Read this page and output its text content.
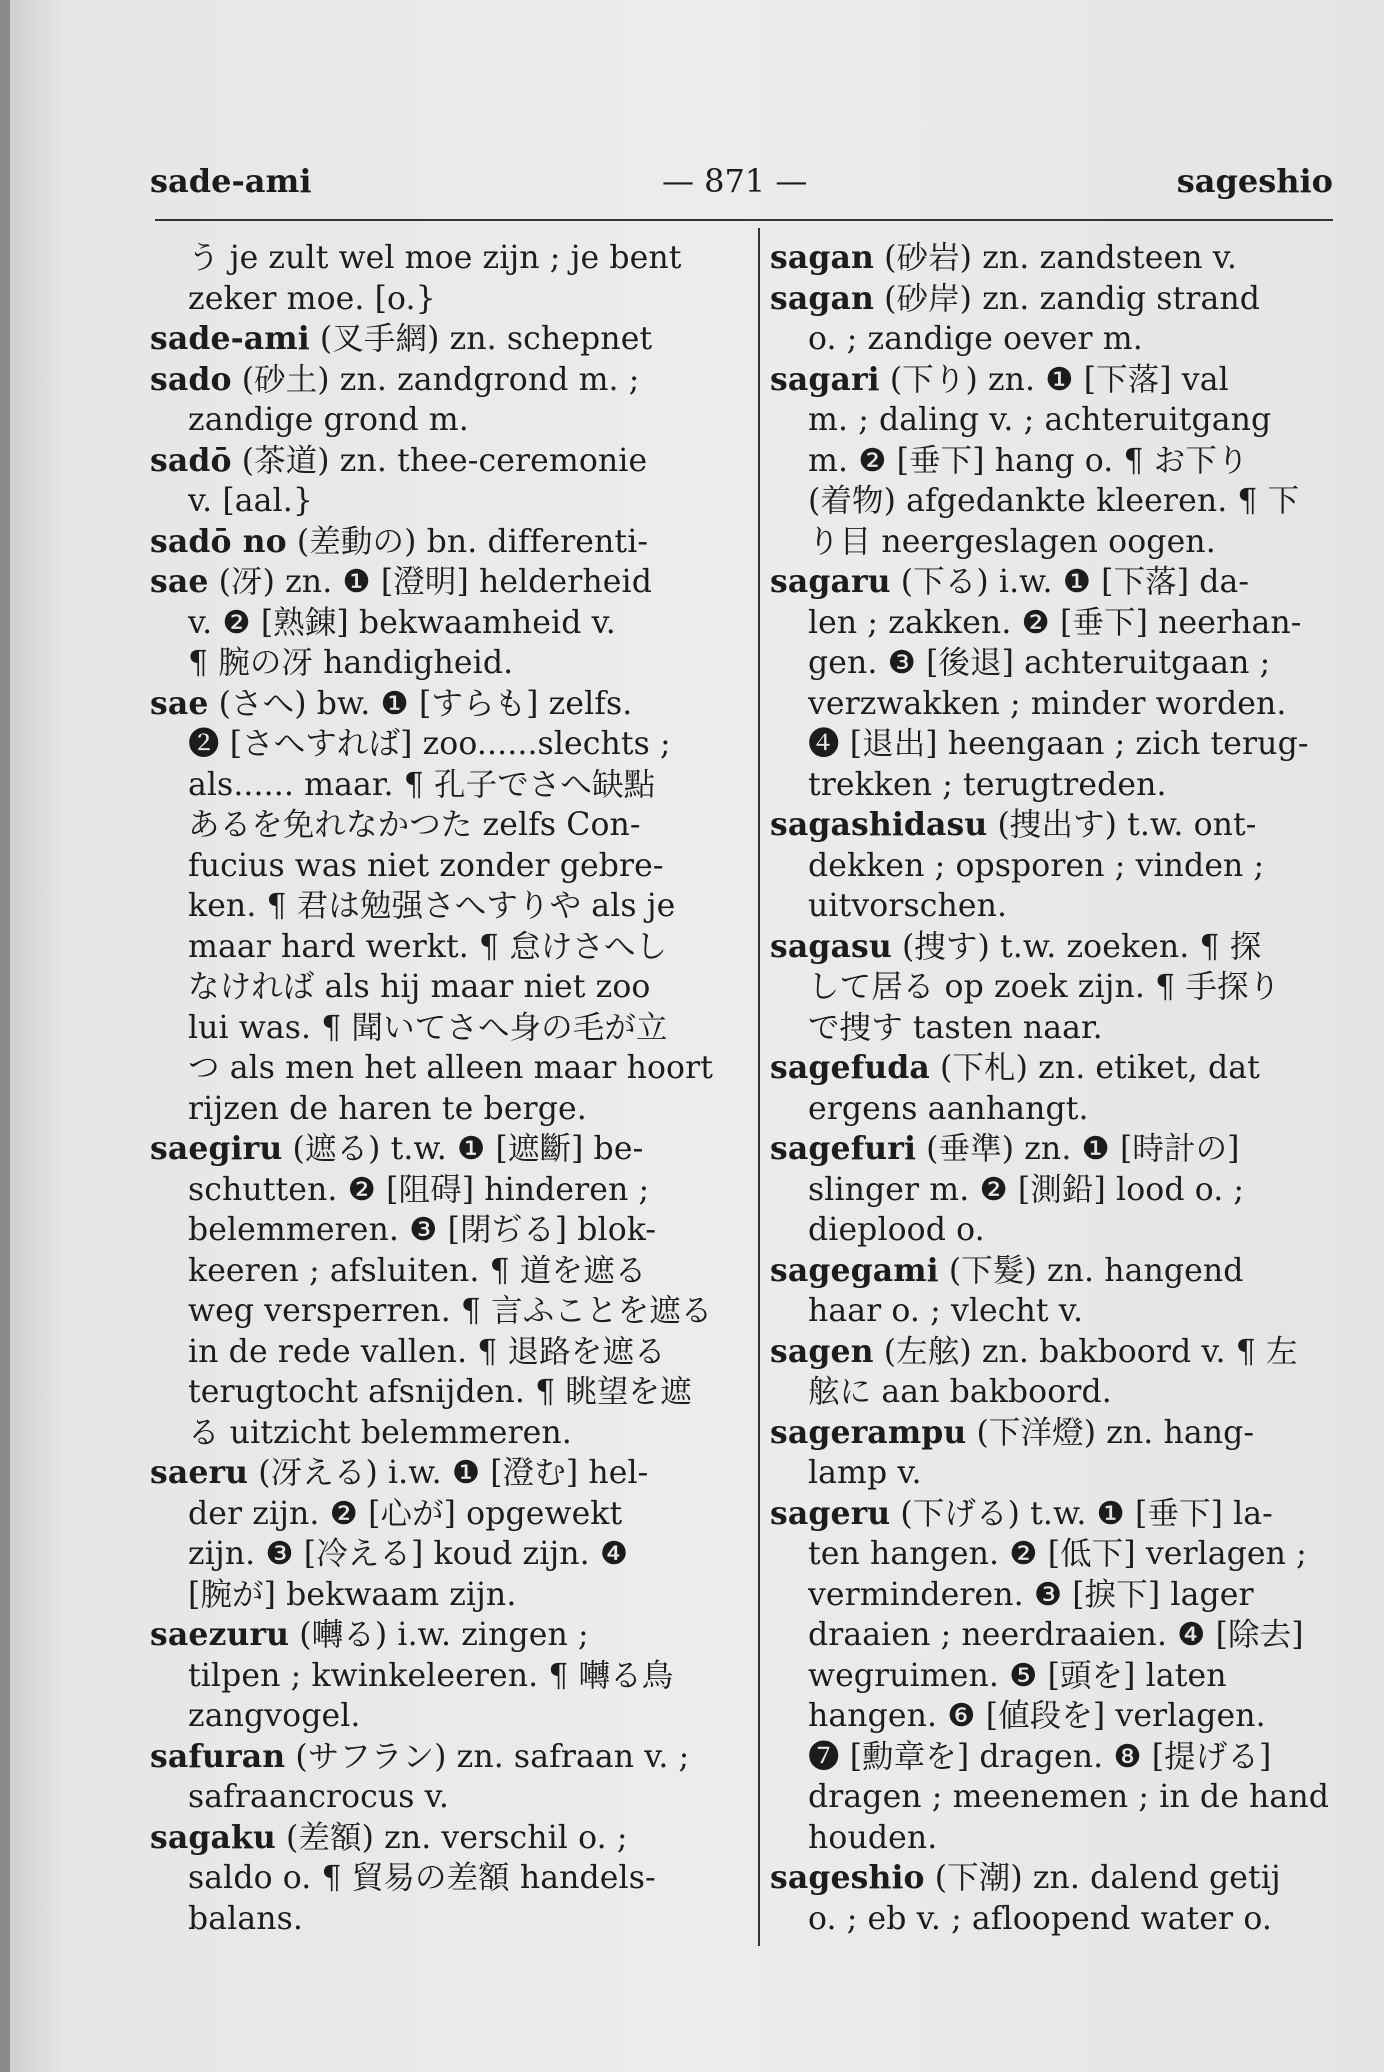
sade-ami	— 871 —	sageshio
う je zult wel moe zijn ; je bent
zeker moe. [o.}
sade-ami (叉手網) zn. schepnet
sado (砂土) zn. zandgrond m. ;
zandige grond m.
sadō (茶道) zn. thee-ceremonie
v. [aal.}
sadō no (差動の) bn. differenti-
sae (冴) zn. ❶ [澄明] helderheid
v. ❷ [熟錬] bekwaamheid v.
¶ 腕の冴 handigheid.
sae (さへ) bw. ❶ [すらも] zelfs.
❷ [さへすれば] zoo......slechts ;
als...... maar. ¶ 孔子でさへ缺點
あるを免れなかつた zelfs Con-
fucius was niet zonder gebre-
ken. ¶ 君は勉强さへすりや als je
maar hard werkt. ¶ 怠けさへし
なければ als hij maar niet zoo
lui was. ¶ 聞いてさへ身の毛が立
つ als men het alleen maar hoort
rijzen de haren te berge.
saegiru (遮る) t.w. ❶ [遮斷] be-
schutten. ❷ [阻碍] hinderen ;
belemmeren. ❸ [閉ぢる] blok-
keeren ; afsluiten. ¶ 道を遮る
weg versperren. ¶ 言ふことを遮る
in de rede vallen. ¶ 退路を遮る
terugtocht afsnijden. ¶ 眺望を遮
る uitzicht belemmeren.
saeru (冴える) i.w. ❶ [澄む] hel-
der zijn. ❷ [心が] opgewekt
zijn. ❸ [冷える] koud zijn. ❹
[腕が] bekwaam zijn.
saezuru (囀る) i.w. zingen ;
tilpen ; kwinkeleeren. ¶ 囀る鳥
zangvogel.
safuran (サフラン) zn. safraan v. ;
safraancrocus v.
sagaku (差額) zn. verschil o. ;
saldo o. ¶ 貿易の差額 handels-
balans.
sagan (砂岩) zn. zandsteen v.
sagan (砂岸) zn. zandig strand
o. ; zandige oever m.
sagari (下り) zn. ❶ [下落] val
m. ; daling v. ; achteruitgang
m. ❷ [垂下] hang o. ¶ お下り
(着物) afgedankte kleeren. ¶ 下
り目 neergeslagen oogen.
sagaru (下る) i.w. ❶ [下落] da-
len ; zakken. ❷ [垂下] neerhan-
gen. ❸ [後退] achteruitgaan ;
verzwakken ; minder worden.
❹ [退出] heengaan ; zich terug-
trekken ; terugtreden.
sagashidasu (捜出す) t.w. ont-
dekken ; opsporen ; vinden ;
uitvorschen.
sagasu (捜す) t.w. zoeken. ¶ 探
して居る op zoek zijn. ¶ 手探り
で捜す tasten naar.
sagefuda (下札) zn. etiket, dat
ergens aanhangt.
sagefuri (垂準) zn. ❶ [時計の]
slinger m. ❷ [測鉛] lood o. ;
dieplood o.
sagegami (下髮) zn. hangend
haar o. ; vlecht v.
sagen (左舷) zn. bakboord v. ¶ 左
舷に aan bakboord.
sagerampu (下洋燈) zn. hang-
lamp v.
sageru (下げる) t.w. ❶ [垂下] la-
ten hangen. ❷ [低下] verlagen ;
verminderen. ❸ [捩下] lager
draaien ; neerdraaien. ❹ [除去]
wegruimen. ❺ [頭を] laten
hangen. ❻ [値段を] verlagen.
❼ [勳章を] dragen. ❽ [提げる]
dragen ; meenemen ; in de hand
houden.
sageshio (下潮) zn. dalend getij
o. ; eb v. ; afloopend water o.
